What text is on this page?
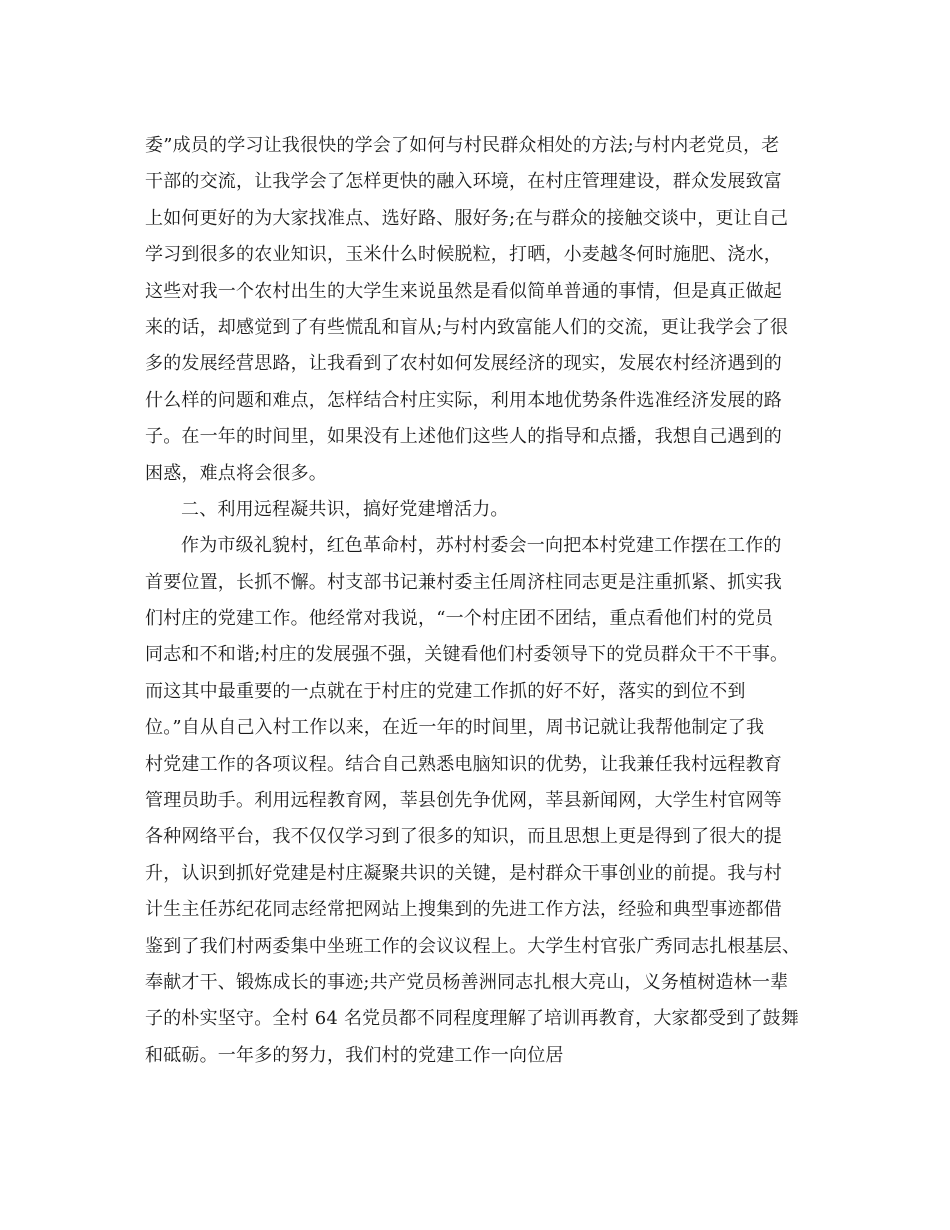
委”成员的学习让我很快的学会了如何与村民群众相处的方法;与村内老党员，老
干部的交流，让我学会了怎样更快的融入环境，在村庄管理建设，群众发展致富
上如何更好的为大家找准点、选好路、服好务;在与群众的接触交谈中，更让自己
学习到很多的农业知识，玉米什么时候脱粒，打晒，小麦越冬何时施肥、浇水，
这些对我一个农村出生的大学生来说虽然是看似简单普通的事情，但是真正做起
来的话，却感觉到了有些慌乱和盲从;与村内致富能人们的交流，更让我学会了很
多的发展经营思路，让我看到了农村如何发展经济的现实，发展农村经济遇到的
什么样的问题和难点，怎样结合村庄实际，利用本地优势条件选准经济发展的路
子。在一年的时间里，如果没有上述他们这些人的指导和点播，我想自己遇到的
困惑，难点将会很多。
二、利用远程凝共识，搞好党建增活力。
作为市级礼貌村，红色革命村，苏村村委会一向把本村党建工作摆在工作的
首要位置，长抓不懈。村支部书记兼村委主任周济柱同志更是注重抓紧、抓实我
们村庄的党建工作。他经常对我说，“一个村庄团不团结，重点看他们村的党员
同志和不和谐;村庄的发展强不强，关键看他们村委领导下的党员群众干不干事。
而这其中最重要的一点就在于村庄的党建工作抓的好不好，落实的到位不到
位。”自从自己入村工作以来，在近一年的时间里，周书记就让我帮他制定了我
村党建工作的各项议程。结合自己熟悉电脑知识的优势，让我兼任我村远程教育
管理员助手。利用远程教育网，莘县创先争优网，莘县新闻网，大学生村官网等
各种网络平台，我不仅仅学习到了很多的知识，而且思想上更是得到了很大的提
升，认识到抓好党建是村庄凝聚共识的关键，是村群众干事创业的前提。我与村
计生主任苏纪花同志经常把网站上搜集到的先进工作方法，经验和典型事迹都借
鉴到了我们村两委集中坐班工作的会议议程上。大学生村官张广秀同志扎根基层、
奉献才干、锻炼成长的事迹;共产党员杨善洲同志扎根大亮山，义务植树造林一辈
子的朴实坚守。全村 64 名党员都不同程度理解了培训再教育，大家都受到了鼓舞
和砥砺。一年多的努力，我们村的党建工作一向位居
